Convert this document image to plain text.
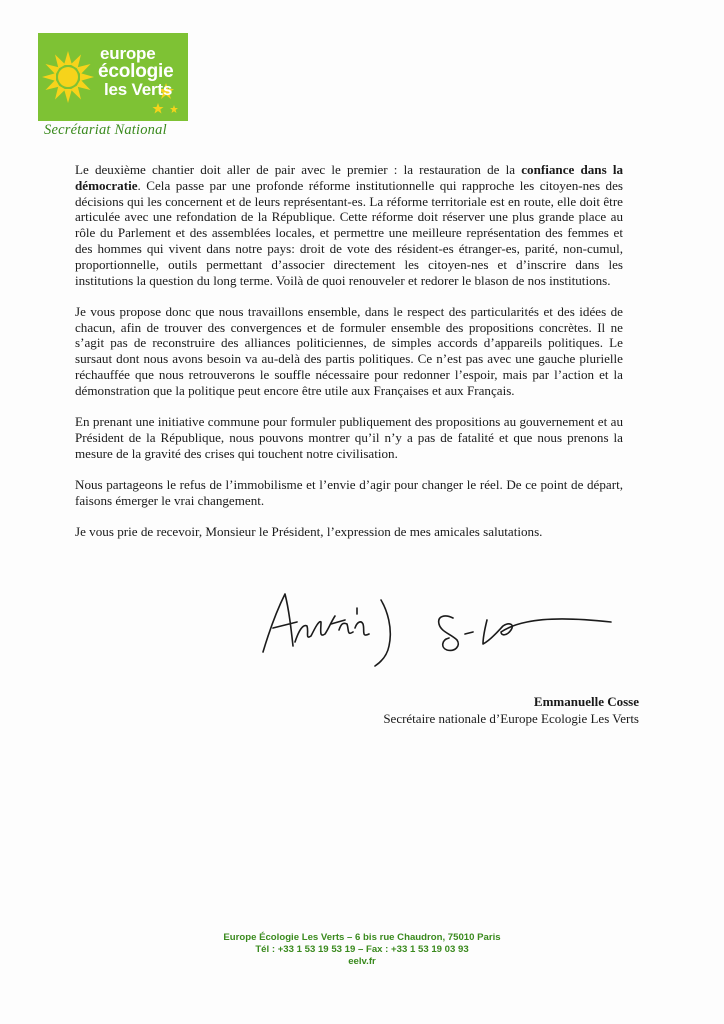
europe
écologie
les Verts
Secrétariat National

Le deuxième chantier doit aller de pair avec le premier : la restauration de la confiance dans la démocratie. Cela passe par une profonde réforme institutionnelle qui rapproche les citoyen-nes des décisions qui les concernent et de leurs représentant-es. La réforme territoriale est en route, elle doit être articulée avec une refondation de la République. Cette réforme doit réserver une plus grande place au rôle du Parlement et des assemblées locales, et permettre une meilleure représentation des femmes et des hommes qui vivent dans notre pays: droit de vote des résident-es étranger-es, parité, non-cumul, proportionnelle, outils permettant d’associer directement les citoyen-nes et d’inscrire dans les institutions la question du long terme. Voilà de quoi renouveler et redorer le blason de nos institutions.

Je vous propose donc que nous travaillons ensemble, dans le respect des particularités et des idées de chacun, afin de trouver des convergences et de formuler ensemble des propositions concrètes. Il ne s’agit pas de reconstruire des alliances politiciennes, de simples accords d’appareils politiques. Le sursaut dont nous avons besoin va au-delà des partis politiques. Ce n’est pas avec une gauche plurielle réchauffée que nous retrouverons le souffle nécessaire pour redonner l’espoir, mais par l’action et la démonstration que la politique peut encore être utile aux Françaises et aux Français.

En prenant une initiative commune pour formuler publiquement des propositions au gouvernement et au Président de la République, nous pouvons montrer qu’il n’y a pas de fatalité et que nous prenons la mesure de la gravité des crises qui touchent notre civilisation.

Nous partageons le refus de l’immobilisme et l’envie d’agir pour changer le réel. De ce point de départ, faisons émerger le vrai changement.

Je vous prie de recevoir, Monsieur le Président, l’expression de mes amicales salutations.

Emmanuelle Cosse
Secrétaire nationale d’Europe Ecologie Les Verts
Europe Écologie Les Verts – 6 bis rue Chaudron, 75010 Paris
Tél : +33 1 53 19 53 19 – Fax : +33 1 53 19 03 93
eelv.fr
